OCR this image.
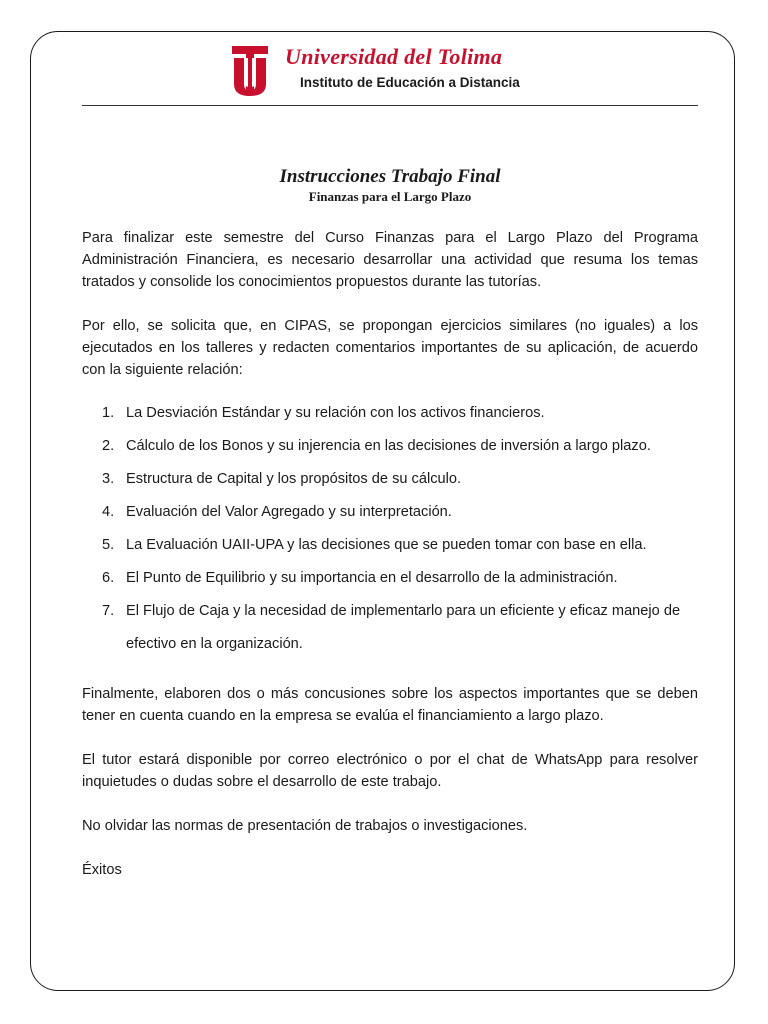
Universidad del Tolima
Instituto de Educación a Distancia

Instrucciones Trabajo Final

Finanzas para el Largo Plazo

Para finalizar este semestre del Curso Finanzas para el Largo Plazo del Programa Administración Financiera, es necesario desarrollar una actividad que resuma los temas tratados y consolide los conocimientos propuestos durante las tutorías.

Por ello, se solicita que, en CIPAS, se propongan ejercicios similares (no iguales) a los ejecutados en los talleres y redacten comentarios importantes de su aplicación, de acuerdo con la siguiente relación:

1. La Desviación Estándar y su relación con los activos financieros.
2. Cálculo de los Bonos y su injerencia en las decisiones de inversión a largo plazo.
3. Estructura de Capital y los propósitos de su cálculo.
4. Evaluación del Valor Agregado y su interpretación.
5. La Evaluación UAII-UPA y las decisiones que se pueden tomar con base en ella.
6. El Punto de Equilibrio y su importancia en el desarrollo de la administración.
7. El Flujo de Caja y la necesidad de implementarlo para un eficiente y eficaz manejo de efectivo en la organización.

Finalmente, elaboren dos o más concusiones sobre los aspectos importantes que se deben tener en cuenta cuando en la empresa se evalúa el financiamiento a largo plazo.

El tutor estará disponible por correo electrónico o por el chat de WhatsApp para resolver inquietudes o dudas sobre el desarrollo de este trabajo.

No olvidar las normas de presentación de trabajos o investigaciones.

Éxitos
